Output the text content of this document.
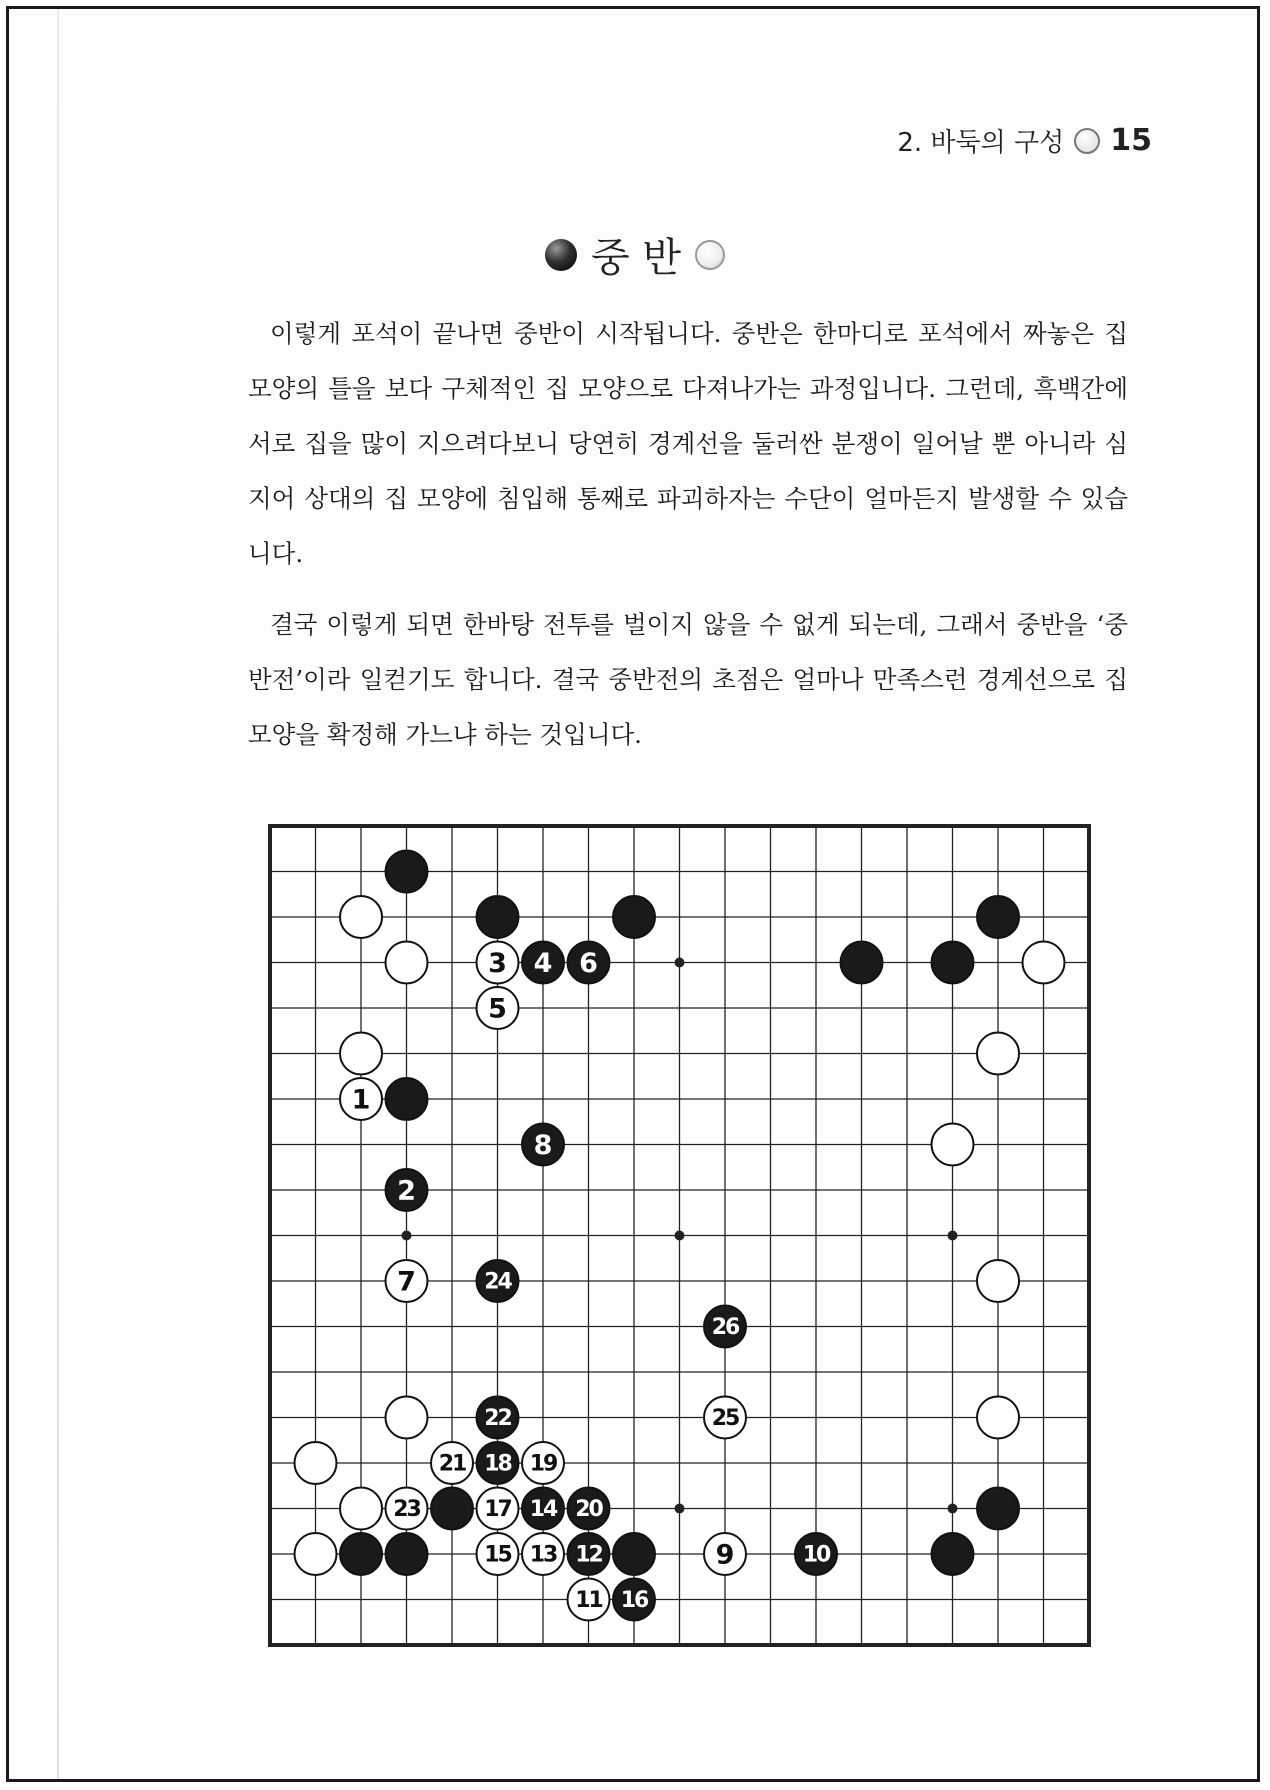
2. 바둑의 구성 15
중 반

이렇게 포석이 끝나면 중반이 시작됩니다. 중반은 한마디로 포석에서 짜놓은 집 모양의 틀을 보다 구체적인 집 모양으로 다져나가는 과정입니다. 그런데, 흑백간에 서로 집을 많이 지으려다보니 당연히 경계선을 둘러싼 분쟁이 일어날 뿐 아니라 심지어 상대의 집 모양에 침입해 통째로 파괴하자는 수단이 얼마든지 발생할 수 있습니다.

결국 이렇게 되면 한바탕 전투를 벌이지 않을 수 없게 되는데, 그래서 중반을 ‘중반전’이라 일컫기도 합니다. 결국 중반전의 초점은 얼마나 만족스런 경계선으로 집 모양을 확정해 가느냐 하는 것입니다.

3 4 6
5
1
8
2
7	24
26
22	25
21 18 19
23	17 14 20
15 13 12	9	10
11 16
